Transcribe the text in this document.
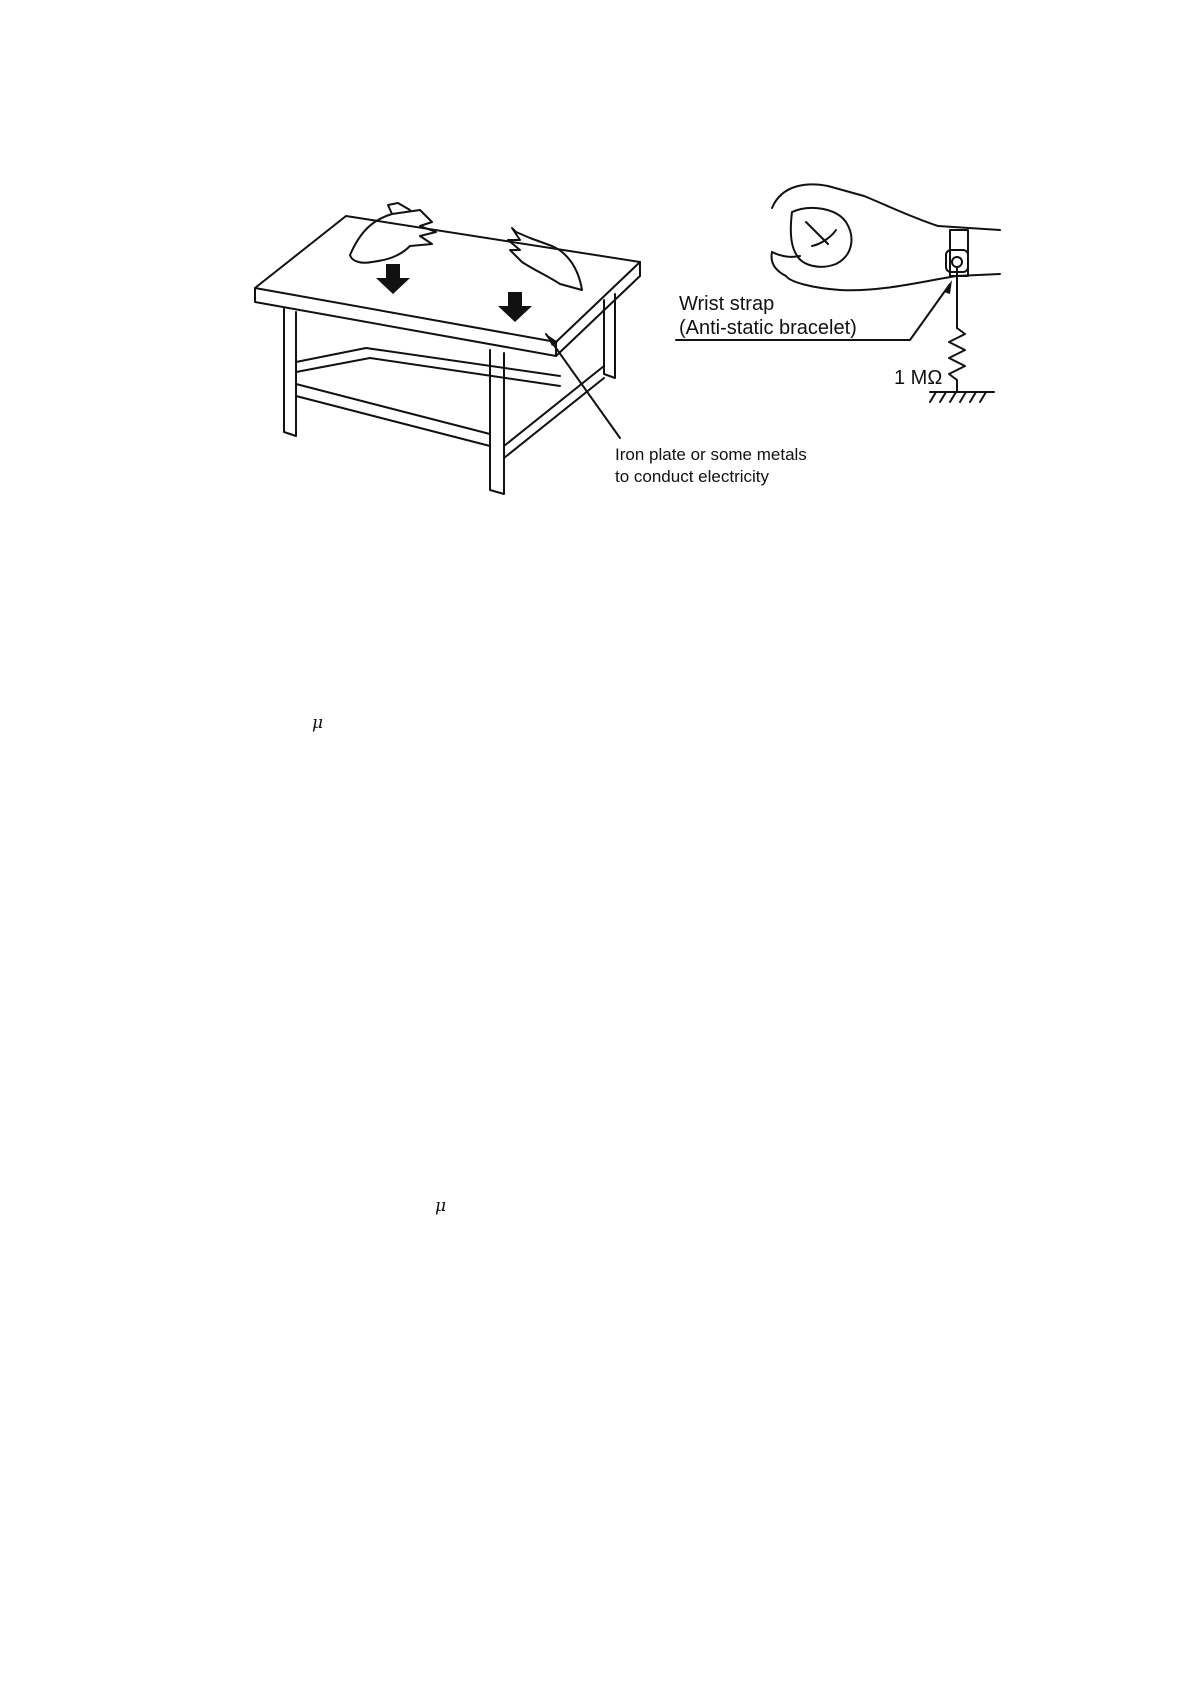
Iron plate or some metals
to conduct electricity
Wrist strap
(Anti-static bracelet)
1 MΩ
μ
μ
